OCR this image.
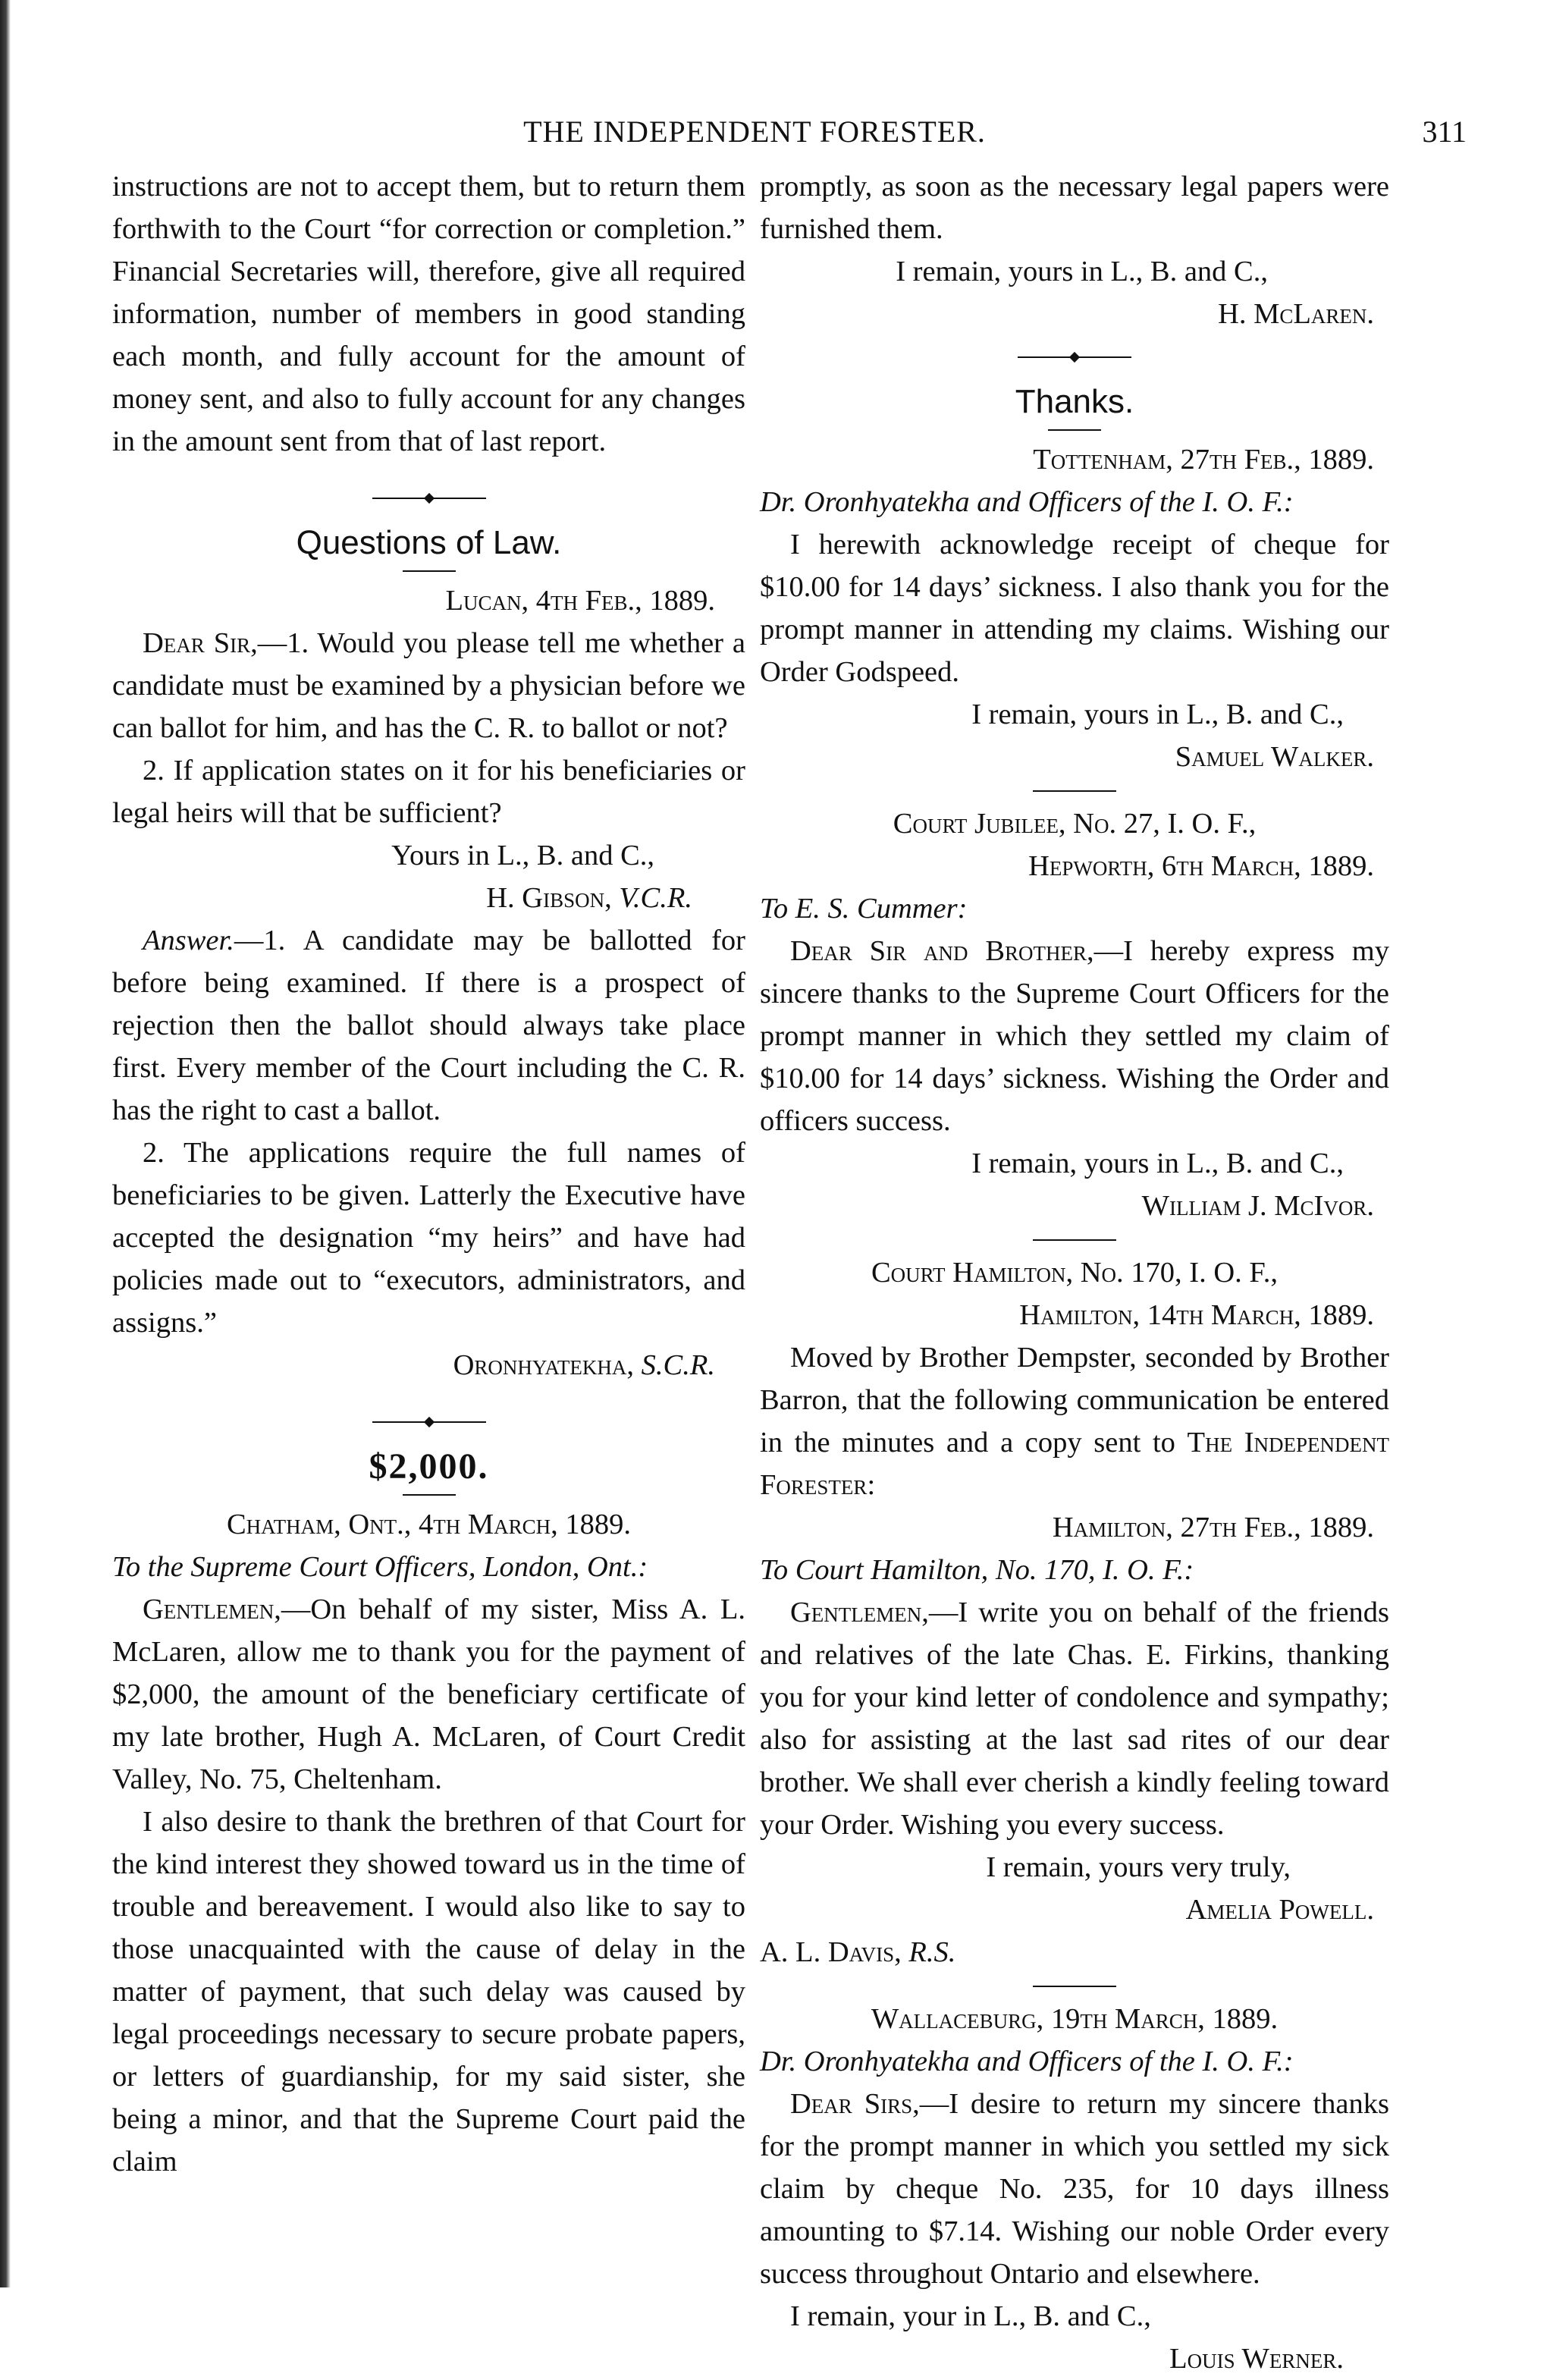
THE INDEPENDENT FORESTER.	311

instructions are not to accept them, but to return them forthwith to the Court “for correction or completion.” Financial Secretaries will, therefore, give all required information, number of members in good standing each month, and fully account for the amount of money sent, and also to fully account for any changes in the amount sent from that of last report.

Questions of Law.

Lucan, 4th Feb., 1889.

Dear Sir,—1. Would you please tell me whether a candidate must be examined by a physician before we can ballot for him, and has the C. R. to ballot or not?

2. If application states on it for his beneficiaries or legal heirs will that be sufficient?

Yours in L., B. and C.,

H. Gibson, V.C.R.

Answer.—1. A candidate may be ballotted for before being examined. If there is a prospect of rejection then the ballot should always take place first. Every member of the Court including the C. R. has the right to cast a ballot.

2. The applications require the full names of beneficiaries to be given. Latterly the Executive have accepted the designation “my heirs” and have had policies made out to “executors, administrators, and assigns.”

Oronhyatekha, S.C.R.

$2,000.

Chatham, Ont., 4th March, 1889.

To the Supreme Court Officers, London, Ont.:

Gentlemen,—On behalf of my sister, Miss A. L. McLaren, allow me to thank you for the payment of $2,000, the amount of the beneficiary certificate of my late brother, Hugh A. McLaren, of Court Credit Valley, No. 75, Cheltenham.

I also desire to thank the brethren of that Court for the kind interest they showed toward us in the time of trouble and bereavement. I would also like to say to those unacquainted with the cause of delay in the matter of payment, that such delay was caused by legal proceedings necessary to secure probate papers, or letters of guardianship, for my said sister, she being a minor, and that the Supreme Court paid the claim

promptly, as soon as the necessary legal papers were furnished them.

I remain, yours in L., B. and C.,

H. McLaren.

Thanks.

Tottenham, 27th Feb., 1889.

Dr. Oronhyatekha and Officers of the I. O. F.:

I herewith acknowledge receipt of cheque for $10.00 for 14 days’ sickness. I also thank you for the prompt manner in attending my claims. Wishing our Order Godspeed.

I remain, yours in L., B. and C.,

Samuel Walker.

Court Jubilee, No. 27, I. O. F.,

Hepworth, 6th March, 1889.

To E. S. Cummer:

Dear Sir and Brother,—I hereby express my sincere thanks to the Supreme Court Officers for the prompt manner in which they settled my claim of $10.00 for 14 days’ sickness. Wishing the Order and officers success.

I remain, yours in L., B. and C.,

William J. McIvor.

Court Hamilton, No. 170, I. O. F.,

Hamilton, 14th March, 1889.

Moved by Brother Dempster, seconded by Brother Barron, that the following communication be entered in the minutes and a copy sent to The Independent Forester:

Hamilton, 27th Feb., 1889.

To Court Hamilton, No. 170, I. O. F.:

Gentlemen,—I write you on behalf of the friends and relatives of the late Chas. E. Firkins, thanking you for your kind letter of condolence and sympathy; also for assisting at the last sad rites of our dear brother. We shall ever cherish a kindly feeling toward your Order. Wishing you every success.

I remain, yours very truly,

Amelia Powell.

A. L. Davis, R.S.

Wallaceburg, 19th March, 1889.

Dr. Oronhyatekha and Officers of the I. O. F.:

Dear Sirs,—I desire to return my sincere thanks for the prompt manner in which you settled my sick claim by cheque No. 235, for 10 days illness amounting to $7.14. Wishing our noble Order every success throughout Ontario and elsewhere.

I remain, your in L., B. and C.,

Louis Werner.
